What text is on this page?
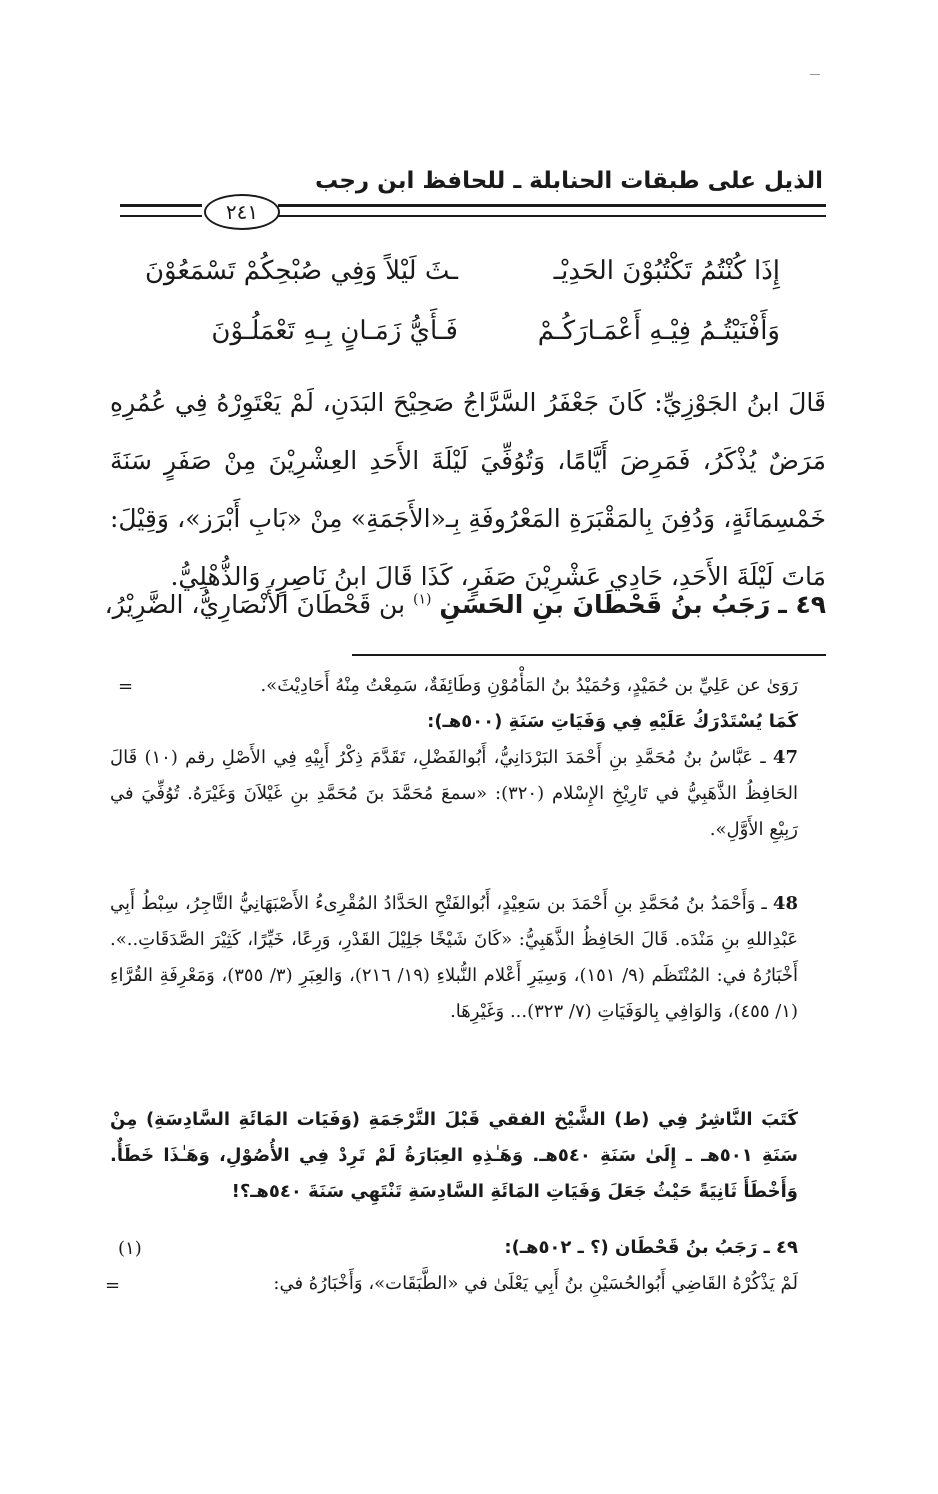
الذيل على طبقات الحنابلة ـ للحافظ ابن رجب
٢٤١
إِذَا كُنْتُمُ تَكْتُبُوْنَ الحَدِيْـ
ـثَ لَيْلاً وَفِي صُبْحِكُمْ تَسْمَعُوْنَ
وَأَفْنَيْتُـمُ فِيْـهِ أَعْمَـارَكُـمْ
فَـأَيُّ زَمَـانٍ بِـهِ تَعْمَلُـوْنَ

قَالَ ابنُ الجَوْزِيِّ: كَانَ جَعْفَرُ السَّرَّاجُ صَحِيْحَ البَدَنِ، لَمْ يَعْتَوِرْهُ فِي عُمُرِهِ مَرَضٌ يُذْكَرُ، فَمَرِضَ أَيَّامًا، وَتُوُفِّيَ لَيْلَةَ الأَحَدِ العِشْرِيْنَ مِنْ صَفَرٍ سَنَةَ خَمْسِمَائَةٍ، وَدُفِنَ بِالمَقْبَرَةِ المَعْرُوفَةِ بِـ«الأَجَمَةِ» مِنْ «بَابِ أَبْرَز»، وَقِيْلَ: مَاتَ لَيْلَةَ الأَحَدِ، حَادِي عَشْرِيْنَ صَفَرٍ، كَذَا قَالَ ابنُ نَاصِرٍ، وَالذُّهْلِيُّ.

٤٩ ـ رَجَبُ بنُ قَحْطَانَ بنِ الحَسَنِ $^{(١)}$ بن قَحْطَانَ الأَنْصَارِيُّ، الضَّرِيْرُ،
=	رَوَىٰ عن عَلِيِّ بن حُمَيْدٍ، وَحُمَيْدُ بنُ المَأْمُوْنِ وَطَائِفَةٌ، سَمِعْتُ مِنْهُ أَحَادِيْثَ».

كَمَا يُسْتَدْرَكُ عَلَيْهِ فِي وَفَيَاتِ سَنَةِ (٥٠٠هـ):

47 ـ عَبَّاسُ بنُ مُحَمَّدِ بنِ أَحْمَدَ البَرْدَانِيُّ، أَبُوالفَضْلِ، تَقَدَّمَ ذِكْرُ أَبِيْهِ فِي الأَصْلِ رقم (١٠) قَالَ الحَافِظُ الذَّهَبِيُّ في تَارِيْخِ الإِسْلام (٣٢٠): «سمعَ مُحَمَّدَ بنَ مُحَمَّدِ بنِ غَيْلاَنَ وَغَيْرَهُ. تُوُفِّيَ في رَبِيْعِ الأَوَّلِ».

48 ـ وَأَحْمَدُ بنُ مُحَمَّدِ بنِ أَحْمَدَ بن سَعِيْدٍ، أَبُوالفَتْحِ الحَدَّادُ المُقْرِىءُ الأَصْبَهَانِيُّ التَّاجِرُ، سِبْطُ أَبِي عَبْدِاللهِ بنِ مَنْدَه. قَالَ الحَافِظُ الذَّهَبِيُّ: «كَانَ شَيْخًا جَلِيْلَ القَدْرِ، وَرِعًا، خَيِّرًا، كَثِيْرَ الصَّدَقَاتِ..». أَخْبَارُهُ في: المُنْتَظَم (٩/ ١٥١)، وَسِيَرِ أَعْلام النُّبلاءِ (١٩/ ٢١٦)، وَالعِبَرِ (٣/ ٣٥٥)، وَمَعْرِفَةِ القُرَّاءِ (١/ ٤٥٥)، وَالوَافِي بِالوَفَيَاتِ (٧/ ٣٢٣)... وَغَيْرِهَا.

كَتَبَ النَّاشِرُ فِي (ط) الشَّيْخ الفقي قَبْلَ التَّرْجَمَةِ (وَفَيَات المَائَةِ السَّادِسَةِ) مِنْ سَنَةِ ٥٠١هـ ـ إِلَىٰ سَنَةِ ٥٤٠هـ. وَهَـٰذِهِ العِبَارَةُ لَمْ تَرِدْ فِي الأُصُوْلِ، وَهَـٰذَا خَطَأٌ. وَأَخْطَأَ ثَانِيَةً حَيْثُ جَعَلَ وَفَيَاتِ المَائَةِ السَّادِسَةِ تَنْتَهِي سَنَةَ ٥٤٠هـ؟!

(١)	٤٩ ـ رَجَبُ بنُ قَحْطَان (؟ ـ ٥٠٢هـ):

لَمْ يَذْكُرْهُ القَاضِي أَبُوالحُسَيْنِ بنُ أَبِي يَعْلَىٰ في «الطَّبَقَات»، وَأَخْبَارُهُ في:

=
